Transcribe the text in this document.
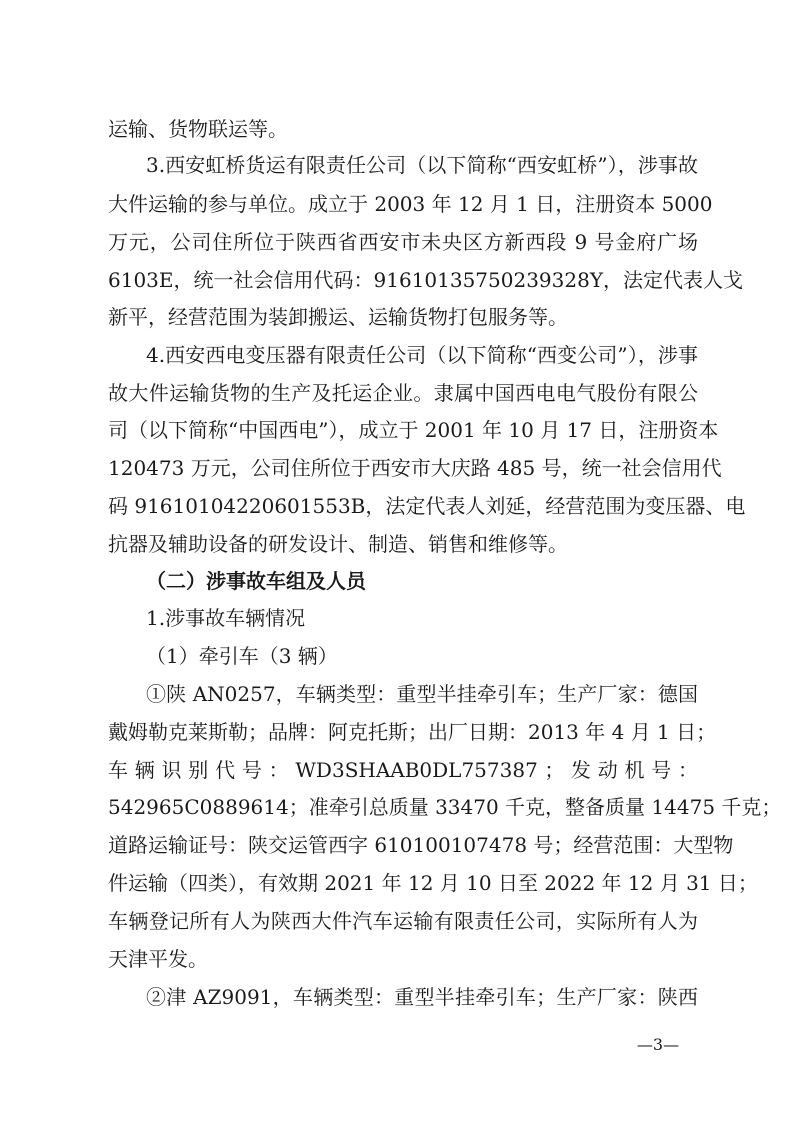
运输、货物联运等。
3.西安虹桥货运有限责任公司（以下简称“西安虹桥”），涉事故
大件运输的参与单位。成立于 2003 年 12 月 1 日，注册资本 5000
万元，公司住所位于陕西省西安市未央区方新西段 9 号金府广场
6103E，统一社会信用代码：91610135750239328Y，法定代表人戈
新平，经营范围为装卸搬运、运输货物打包服务等。
4.西安西电变压器有限责任公司（以下简称“西变公司”），涉事
故大件运输货物的生产及托运企业。隶属中国西电电气股份有限公
司（以下简称“中国西电”），成立于 2001 年 10 月 17 日，注册资本
120473 万元，公司住所位于西安市大庆路 485 号，统一社会信用代
码 91610104220601553B，法定代表人刘延，经营范围为变压器、电
抗器及辅助设备的研发设计、制造、销售和维修等。
（二）涉事故车组及人员
1.涉事故车辆情况
（1）牵引车（3 辆）
①陕 AN0257，车辆类型：重型半挂牵引车；生产厂家：德国
戴姆勒克莱斯勒；品牌：阿克托斯；出厂日期：2013 年 4 月 1 日；
车 辆 识 别 代 号 ： WD3SHAAB0DL757387 ； 发 动 机 号 ：
542965C0889614；准牵引总质量 33470 千克，整备质量 14475 千克；
道路运输证号：陕交运管西字 610100107478 号；经营范围：大型物
件运输（四类），有效期 2021 年 12 月 10 日至 2022 年 12 月 31 日；
车辆登记所有人为陕西大件汽车运输有限责任公司，实际所有人为
天津平发。
②津 AZ9091，车辆类型：重型半挂牵引车；生产厂家：陕西
—3—
